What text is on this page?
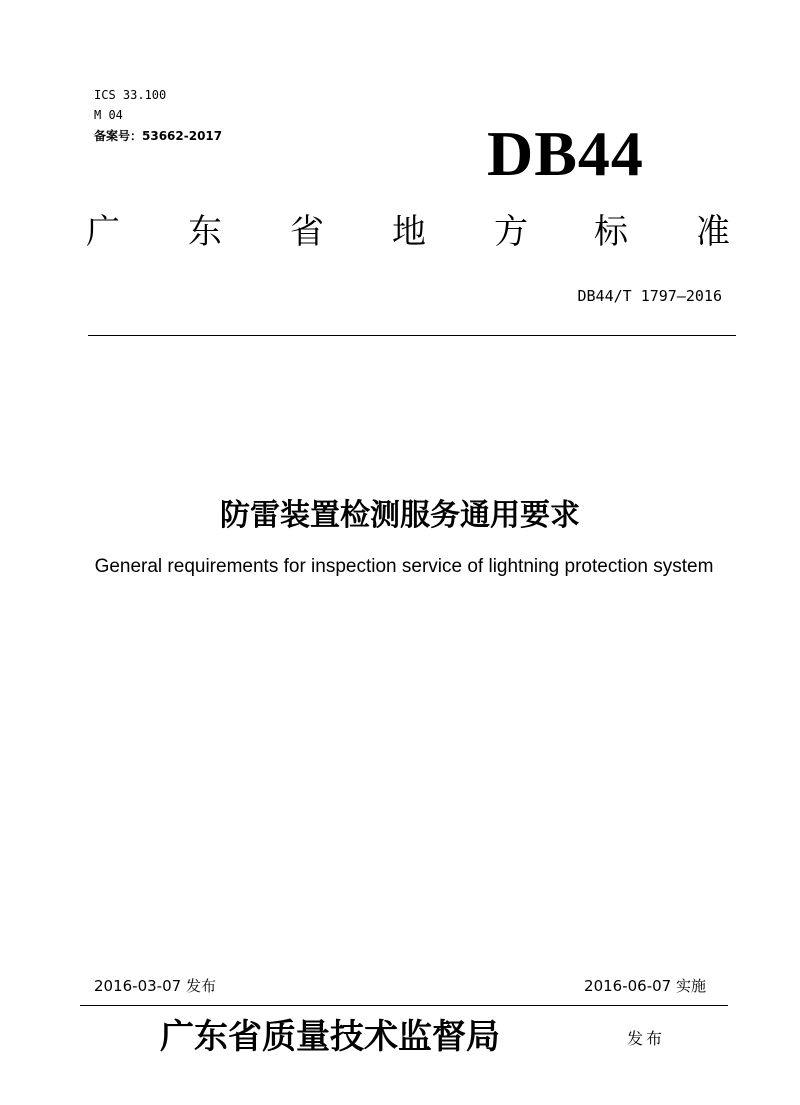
ICS 33.100
M 04
备案号：53662-2017	DB44
广 东 省 地 方 标 准
DB44/T 1797—2016
防雷装置检测服务通用要求
General requirements for inspection service of lightning protection system
2016-03-07 发布	2016-06-07 实施
广东省质量技术监督局	发布
